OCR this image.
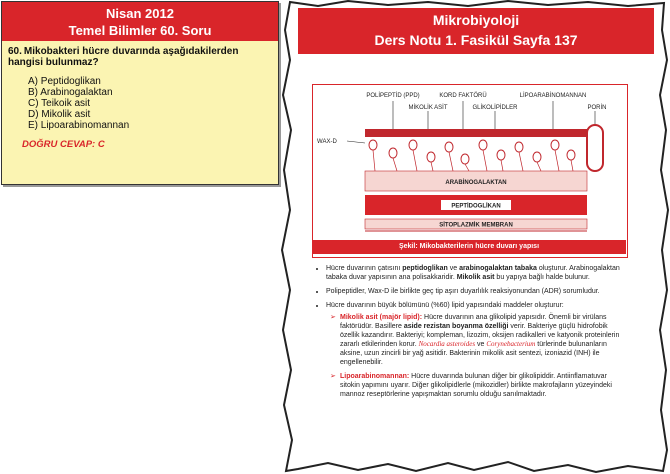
Nisan 2012
Temel Bilimler 60. Soru
60. Mikobakteri hücre duvarında aşağıdakilerden hangisi bulunmaz?
A) Peptidoglikan
B) Arabinogalaktan
C) Teikoik asit
D) Mikolik asit
E) Lipoarabinomannan
DOĞRU CEVAP: C
Mikrobiyoloji
Ders Notu 1. Fasikül Sayfa 137
POLİPEPTİD (PPD)	KORD FAKTÖRÜ
MİKOLİK ASİT	GLİKOLİPİDLER
LİPOARABİNOMANNAN
PORİN
WAX-D
ARABİNOGALAKTAN
PEPTİDOGLİKAN
SİTOPLAZMİK MEMBRAN
Şekil: Mikobakterilerin hücre duvarı yapısı
• Hücre duvarının çatısını peptidoglikan ve arabinogalaktan tabaka oluşturur. Arabinogalaktan tabaka duvar yapısının ana polisakkaridir. Mikolik asit bu yapıya bağlı halde bulunur.
• Polipeptidler, Wax-D ile birlikte geç tip aşırı duyarlılık reaksiyonundan (ADR) sorumludur.
• Hücre duvarının büyük bölümünü (%60) lipid yapısındaki maddeler oluşturur:
➢ Mikolik asit (majör lipid): Hücre duvarının ana glikolipid yapısıdır. Önemli bir virülans faktörüdür. Basillere aside rezistan boyanma özelliği verir. Bakteriye güçlü hidrofobik özellik kazandırır. Bakteriyi; kompleman, lizozim, oksijen radikalleri ve katyonik proteinlerin zararlı etkilerinden korur. Nocardia asteroides ve Corynebacterium türlerinde bulunanların aksine, uzun zincirli bir yağ asitidir. Bakterinin mikolik asit sentezi, izoniazid (INH) ile engellenebilir.
➢ Lipoarabinomannan: Hücre duvarında bulunan diğer bir glikolipiddir. Antiinflamatuvar sitokin yapımını uyarır. Diğer glikolipidlerle (mikozidler) birlikte makrofajların yüzeyindeki mannoz reseptörlerine yapışmaktan sorumlu olduğu sanılmaktadır.
